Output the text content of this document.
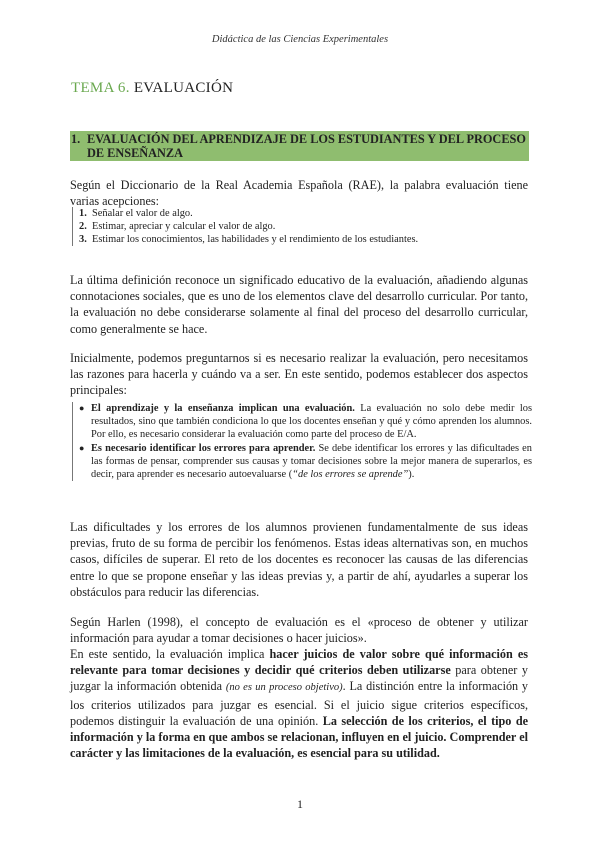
Didáctica de las Ciencias Experimentales
TEMA 6. EVALUACIÓN
1. EVALUACIÓN DEL APRENDIZAJE DE LOS ESTUDIANTES Y DEL PROCESO DE ENSEÑANZA

Según el Diccionario de la Real Academia Española (RAE), la palabra evaluación tiene varias acepciones:

1. Señalar el valor de algo.
2. Estimar, apreciar y calcular el valor de algo.
3. Estimar los conocimientos, las habilidades y el rendimiento de los estudiantes.

La última definición reconoce un significado educativo de la evaluación, añadiendo algunas connotaciones sociales, que es uno de los elementos clave del desarrollo curricular. Por tanto, la evaluación no debe considerarse solamente al final del proceso del desarrollo curricular, como generalmente se hace.

Inicialmente, podemos preguntarnos si es necesario realizar la evaluación, pero necesitamos las razones para hacerla y cuándo va a ser. En este sentido, podemos establecer dos aspectos principales:

● El aprendizaje y la enseñanza implican una evaluación. La evaluación no solo debe medir los resultados, sino que también condiciona lo que los docentes enseñan y qué y cómo aprenden los alumnos. Por ello, es necesario considerar la evaluación como parte del proceso de E/A.
● Es necesario identificar los errores para aprender. Se debe identificar los errores y las dificultades en las formas de pensar, comprender sus causas y tomar decisiones sobre la mejor manera de superarlos, es decir, para aprender es necesario autoevaluarse (“de los errores se aprende”).

Las dificultades y los errores de los alumnos provienen fundamentalmente de sus ideas previas, fruto de su forma de percibir los fenómenos. Estas ideas alternativas son, en muchos casos, difíciles de superar. El reto de los docentes es reconocer las causas de las diferencias entre lo que se propone enseñar y las ideas previas y, a partir de ahí, ayudarles a superar los obstáculos para reducir las diferencias.

Según Harlen (1998), el concepto de evaluación es el «proceso de obtener y utilizar información para ayudar a tomar decisiones o hacer juicios».

En este sentido, la evaluación implica hacer juicios de valor sobre qué información es relevante para tomar decisiones y decidir qué criterios deben utilizarse para obtener y juzgar la información obtenida (no es un proceso objetivo). La distinción entre la información y los criterios utilizados para juzgar es esencial. Si el juicio sigue criterios específicos, podemos distinguir la evaluación de una opinión. La selección de los criterios, el tipo de información y la forma en que ambos se relacionan, influyen en el juicio. Comprender el carácter y las limitaciones de la evaluación, es esencial para su utilidad.

1
